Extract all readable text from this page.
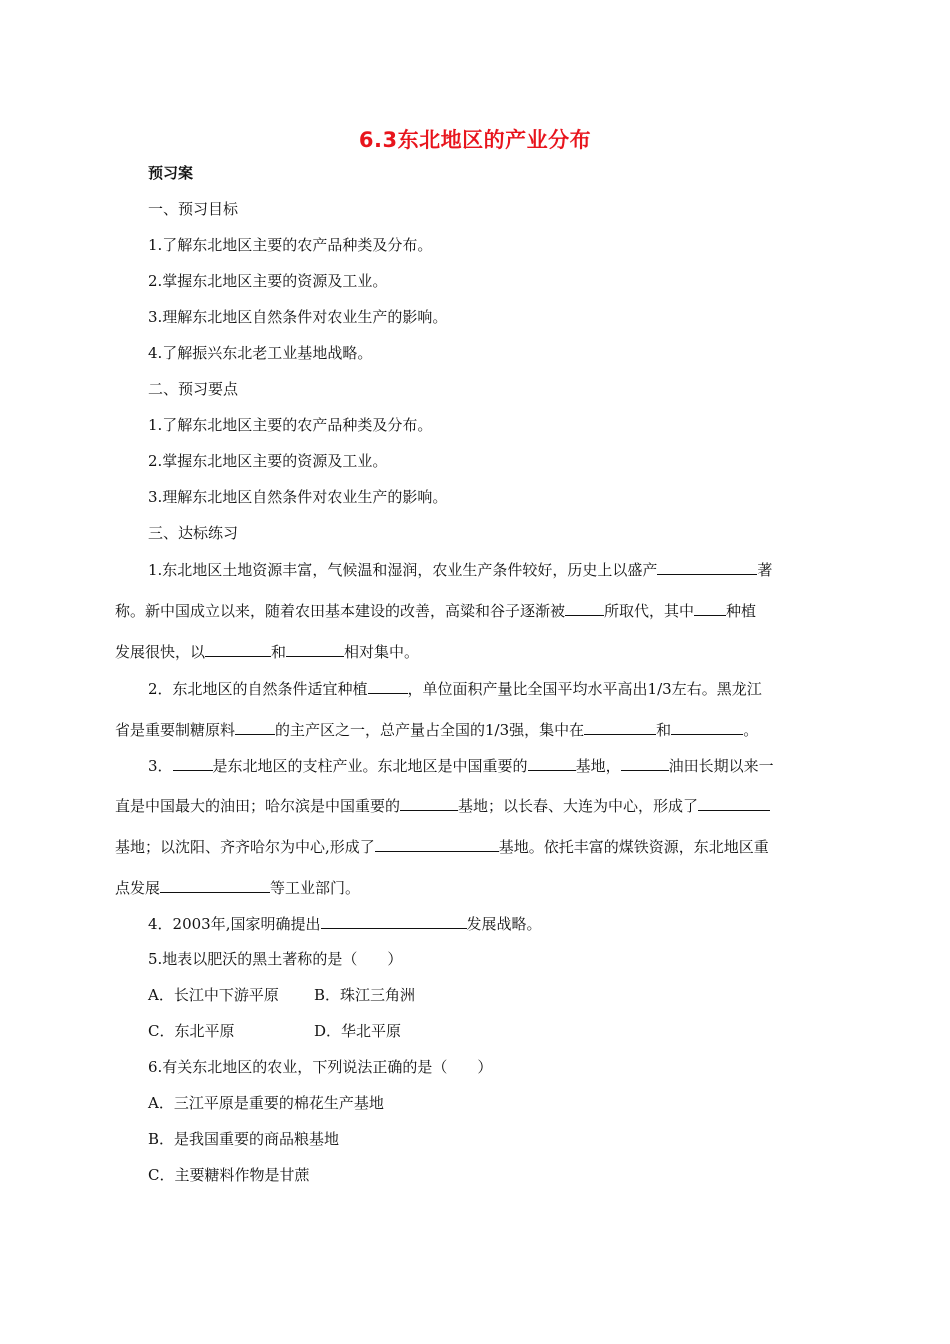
6.3东北地区的产业分布
预习案
一、预习目标
1.了解东北地区主要的农产品种类及分布。
2.掌握东北地区主要的资源及工业。
3.理解东北地区自然条件对农业生产的影响。
4.了解振兴东北老工业基地战略。
二、预习要点
1.了解东北地区主要的农产品种类及分布。
2.掌握东北地区主要的资源及工业。
3.理解东北地区自然条件对农业生产的影响。
三、达标练习
1.东北地区土地资源丰富，气候温和湿润，农业生产条件较好，历史上以盛产	著
称。新中国成立以来，随着农田基本建设的改善，高粱和谷子逐渐被	所取代，其中 种植
发展很快，以	和	相对集中。
2．东北地区的自然条件适宜种植	，单位面积产量比全国平均水平高出1/3左右。黑龙江
省是重要制糖原料	的主产区之一，总产量占全国的1/3强，集中在	和	。
3．	是东北地区的支柱产业。东北地区是中国重要的	基地，	油田长期以来一
直是中国最大的油田；哈尔滨是中国重要的	基地；以长春、大连为中心，形成了
基地；以沈阳、齐齐哈尔为中心,形成了	基地。依托丰富的煤铁资源，东北地区重
点发展	等工业部门。
4．2003年,国家明确提出	发展战略。
5.地表以肥沃的黑土著称的是（　　）
A．长江中下游平原 B．珠江三角洲
C．东北平原	D．华北平原
6.有关东北地区的农业，下列说法正确的是（　　）
A．三江平原是重要的棉花生产基地
B．是我国重要的商品粮基地
C．主要糖料作物是甘蔗
